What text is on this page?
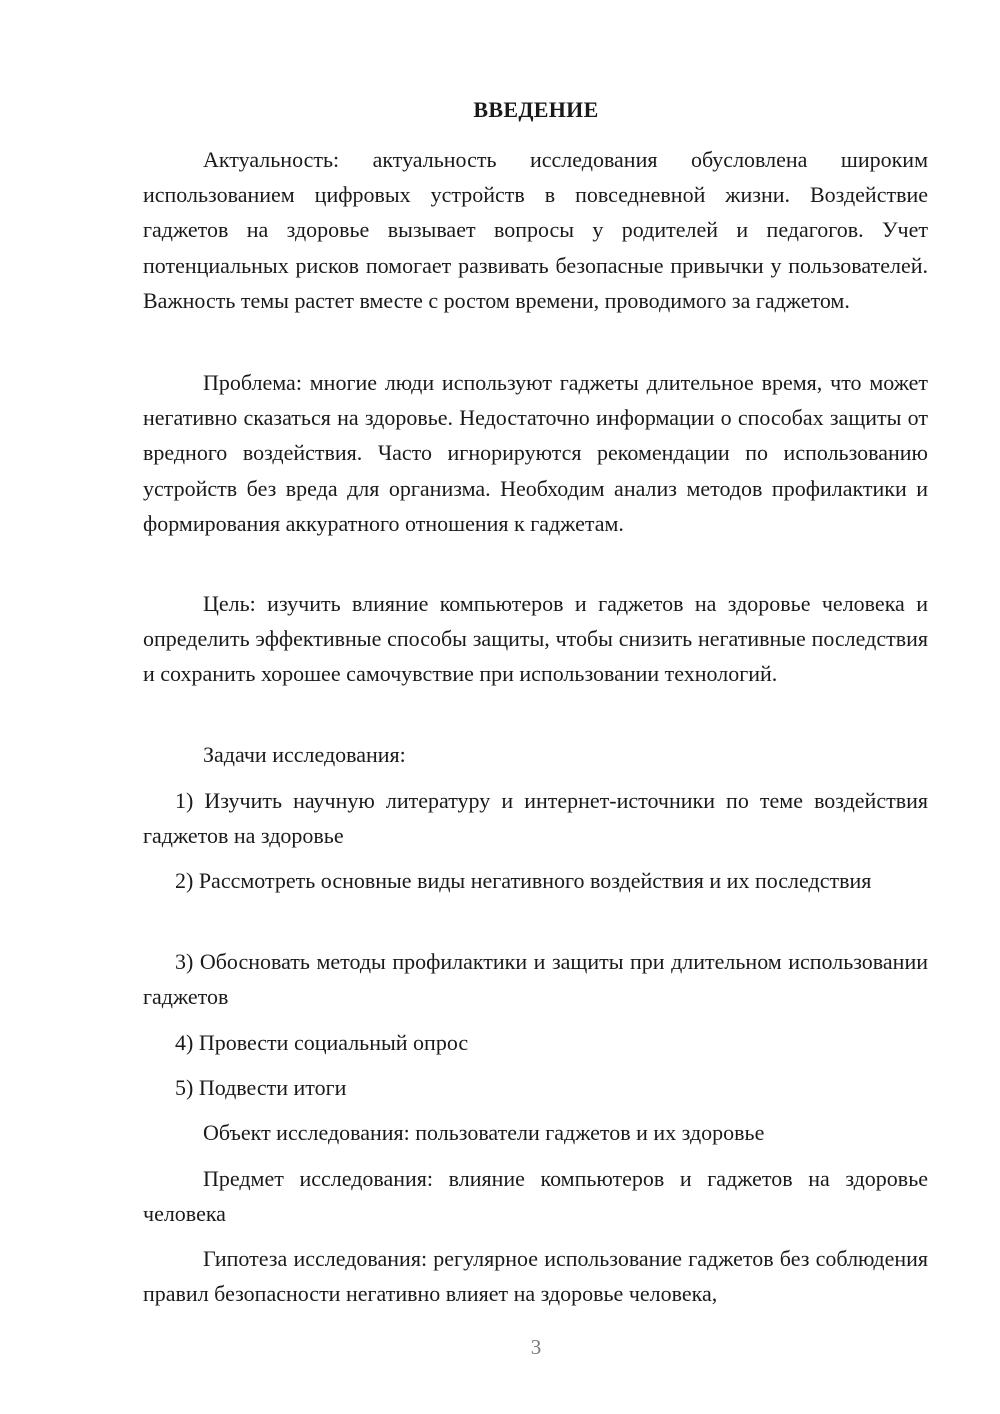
ВВЕДЕНИЕ

Актуальность: актуальность исследования обусловлена широким использованием цифровых устройств в повседневной жизни. Воздействие гаджетов на здоровье вызывает вопросы у родителей и педагогов. Учет потенциальных рисков помогает развивать безопасные привычки у пользователей. Важность темы растет вместе с ростом времени, проводимого за гаджетом.

Проблема: многие люди используют гаджеты длительное время, что может негативно сказаться на здоровье. Недостаточно информации о способах защиты от вредного воздействия. Часто игнорируются рекомендации по использованию устройств без вреда для организма. Необходим анализ методов профилактики и формирования аккуратного отношения к гаджетам.

Цель: изучить влияние компьютеров и гаджетов на здоровье человека и определить эффективные способы защиты, чтобы снизить негативные последствия и сохранить хорошее самочувствие при использовании технологий.

Задачи исследования:

1) Изучить научную литературу и интернет-источники по теме воздействия гаджетов на здоровье

2) Рассмотреть основные виды негативного воздействия и их последствия

3) Обосновать методы профилактики и защиты при длительном использовании гаджетов

4) Провести социальный опрос

5) Подвести итоги

Объект исследования: пользователи гаджетов и их здоровье

Предмет исследования: влияние компьютеров и гаджетов на здоровье человека

Гипотеза исследования: регулярное использование гаджетов без соблюдения правил безопасности негативно влияет на здоровье человека,

3
